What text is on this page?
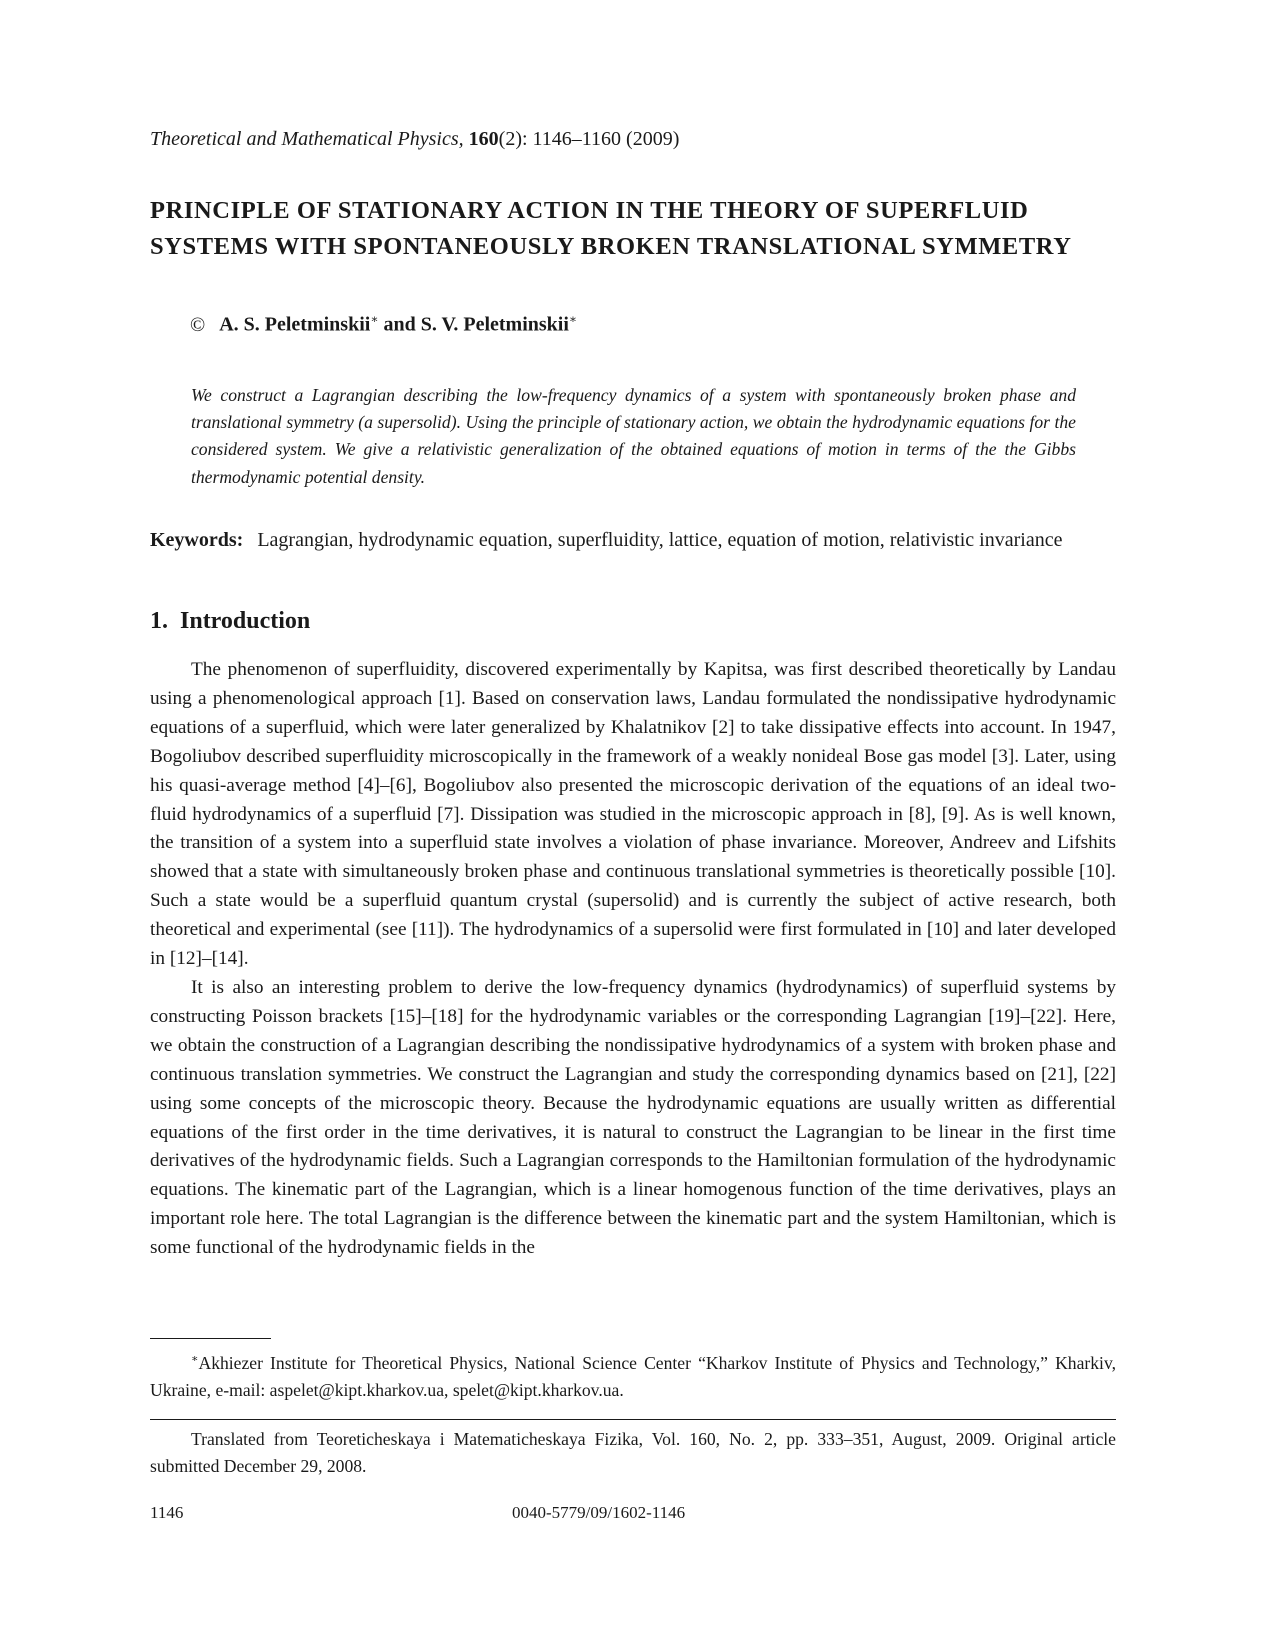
Theoretical and Mathematical Physics, 160(2): 1146–1160 (2009)
PRINCIPLE OF STATIONARY ACTION IN THE THEORY OF SUPERFLUID SYSTEMS WITH SPONTANEOUSLY BROKEN TRANSLATIONAL SYMMETRY
© A. S. Peletminskii∗ and S. V. Peletminskii∗

We construct a Lagrangian describing the low-frequency dynamics of a system with spontaneously broken phase and translational symmetry (a supersolid). Using the principle of stationary action, we obtain the hydrodynamic equations for the considered system. We give a relativistic generalization of the obtained equations of motion in terms of the the Gibbs thermodynamic potential density.

Keywords: Lagrangian, hydrodynamic equation, superfluidity, lattice, equation of motion, relativistic invariance

1. Introduction

The phenomenon of superfluidity, discovered experimentally by Kapitsa, was first described theoretically by Landau using a phenomenological approach [1]. Based on conservation laws, Landau formulated the nondissipative hydrodynamic equations of a superfluid, which were later generalized by Khalatnikov [2] to take dissipative effects into account. In 1947, Bogoliubov described superfluidity microscopically in the framework of a weakly nonideal Bose gas model [3]. Later, using his quasi-average method [4]–[6], Bogoliubov also presented the microscopic derivation of the equations of an ideal two-fluid hydrodynamics of a superfluid [7]. Dissipation was studied in the microscopic approach in [8], [9]. As is well known, the transition of a system into a superfluid state involves a violation of phase invariance. Moreover, Andreev and Lifshits showed that a state with simultaneously broken phase and continuous translational symmetries is theoretically possible [10]. Such a state would be a superfluid quantum crystal (supersolid) and is currently the subject of active research, both theoretical and experimental (see [11]). The hydrodynamics of a supersolid were first formulated in [10] and later developed in [12]–[14].

It is also an interesting problem to derive the low-frequency dynamics (hydrodynamics) of superfluid systems by constructing Poisson brackets [15]–[18] for the hydrodynamic variables or the corresponding Lagrangian [19]–[22]. Here, we obtain the construction of a Lagrangian describing the nondissipative hydrodynamics of a system with broken phase and continuous translation symmetries. We construct the Lagrangian and study the corresponding dynamics based on [21], [22] using some concepts of the microscopic theory. Because the hydrodynamic equations are usually written as differential equations of the first order in the time derivatives, it is natural to construct the Lagrangian to be linear in the first time derivatives of the hydrodynamic fields. Such a Lagrangian corresponds to the Hamiltonian formulation of the hydrodynamic equations. The kinematic part of the Lagrangian, which is a linear homogenous function of the time derivatives, plays an important role here. The total Lagrangian is the difference between the kinematic part and the system Hamiltonian, which is some functional of the hydrodynamic fields in the

∗Akhiezer Institute for Theoretical Physics, National Science Center “Kharkov Institute of Physics and Technology,” Kharkiv, Ukraine, e-mail: aspelet@kipt.kharkov.ua, spelet@kipt.kharkov.ua.

Translated from Teoreticheskaya i Matematicheskaya Fizika, Vol. 160, No. 2, pp. 333–351, August, 2009. Original article submitted December 29, 2008.

1146	0040-5779/09/1602-1146
